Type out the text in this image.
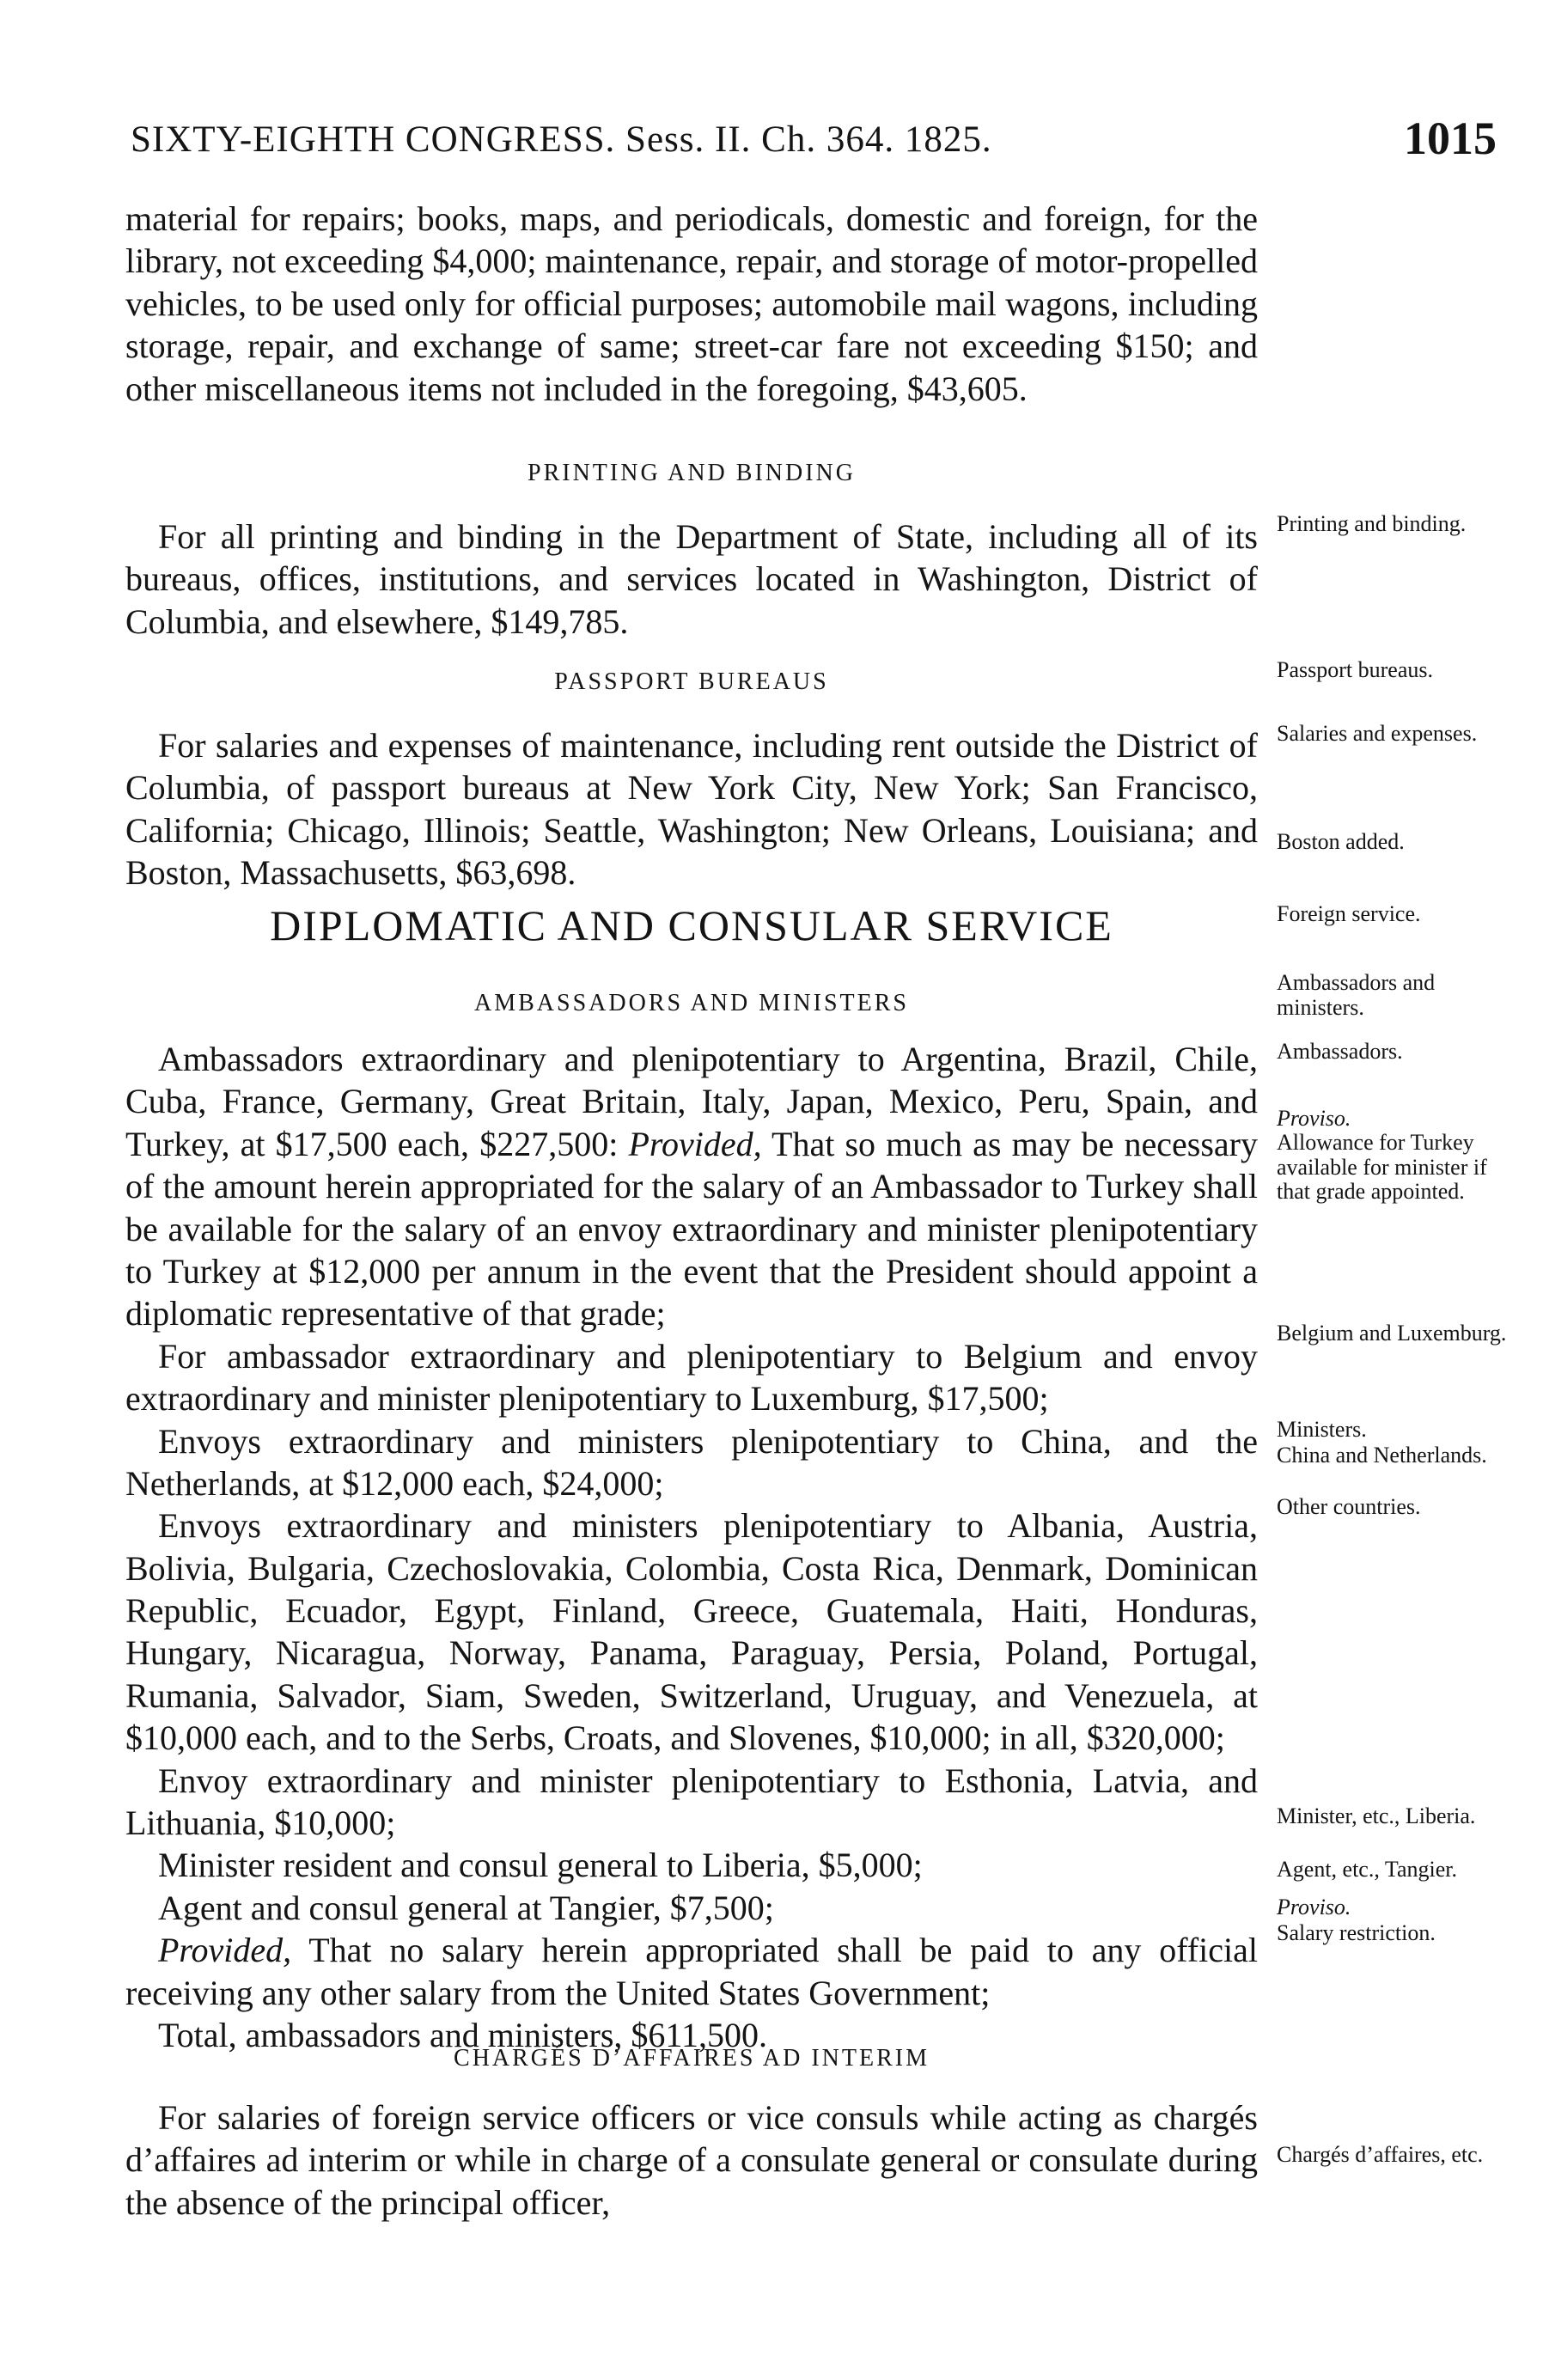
SIXTY-EIGHTH CONGRESS. Sess. II. Ch. 364. 1825.	1015

material for repairs; books, maps, and periodicals, domestic and foreign, for the library, not exceeding $4,000; maintenance, repair, and storage of motor-propelled vehicles, to be used only for official purposes; automobile mail wagons, including storage, repair, and exchange of same; street-car fare not exceeding $150; and other miscellaneous items not included in the foregoing, $43,605.

PRINTING AND BINDING

For all printing and binding in the Department of State, including all of its bureaus, offices, institutions, and services located in Washington, District of Columbia, and elsewhere, $149,785.

PASSPORT BUREAUS

For salaries and expenses of maintenance, including rent outside the District of Columbia, of passport bureaus at New York City, New York; San Francisco, California; Chicago, Illinois; Seattle, Washington; New Orleans, Louisiana; and Boston, Massachusetts, $63,698.

DIPLOMATIC AND CONSULAR SERVICE

AMBASSADORS AND MINISTERS

Ambassadors extraordinary and plenipotentiary to Argentina, Brazil, Chile, Cuba, France, Germany, Great Britain, Italy, Japan, Mexico, Peru, Spain, and Turkey, at $17,500 each, $227,500: Provided, That so much as may be necessary of the amount herein appropriated for the salary of an Ambassador to Turkey shall be available for the salary of an envoy extraordinary and minister plenipotentiary to Turkey at $12,000 per annum in the event that the President should appoint a diplomatic representative of that grade;

For ambassador extraordinary and plenipotentiary to Belgium and envoy extraordinary and minister plenipotentiary to Luxemburg, $17,500;

Envoys extraordinary and ministers plenipotentiary to China, and the Netherlands, at $12,000 each, $24,000;

Envoys extraordinary and ministers plenipotentiary to Albania, Austria, Bolivia, Bulgaria, Czechoslovakia, Colombia, Costa Rica, Denmark, Dominican Republic, Ecuador, Egypt, Finland, Greece, Guatemala, Haiti, Honduras, Hungary, Nicaragua, Norway, Panama, Paraguay, Persia, Poland, Portugal, Rumania, Salvador, Siam, Sweden, Switzerland, Uruguay, and Venezuela, at $10,000 each, and to the Serbs, Croats, and Slovenes, $10,000; in all, $320,000;

Envoy extraordinary and minister plenipotentiary to Esthonia, Latvia, and Lithuania, $10,000;

Minister resident and consul general to Liberia, $5,000;

Agent and consul general at Tangier, $7,500;

Provided, That no salary herein appropriated shall be paid to any official receiving any other salary from the United States Government;

Total, ambassadors and ministers, $611,500.

CHARGÉS D’AFFAIRES AD INTERIM

For salaries of foreign service officers or vice consuls while acting as chargés d’affaires ad interim or while in charge of a consulate general or consulate during the absence of the principal officer,

Printing and binding.
Passport bureaus.
Salaries and expenses.
Boston added.
Foreign service.
Ambassadors and ministers.
Ambassadors.
Proviso.
Allowance for Turkey available for minister if that grade appointed.
Belgium and Luxemburg.
Ministers.
China and Netherlands.
Other countries.
Minister, etc., Liberia.
Agent, etc., Tangier.
Proviso.
Salary restriction.
Chargés d’affaires, etc.
